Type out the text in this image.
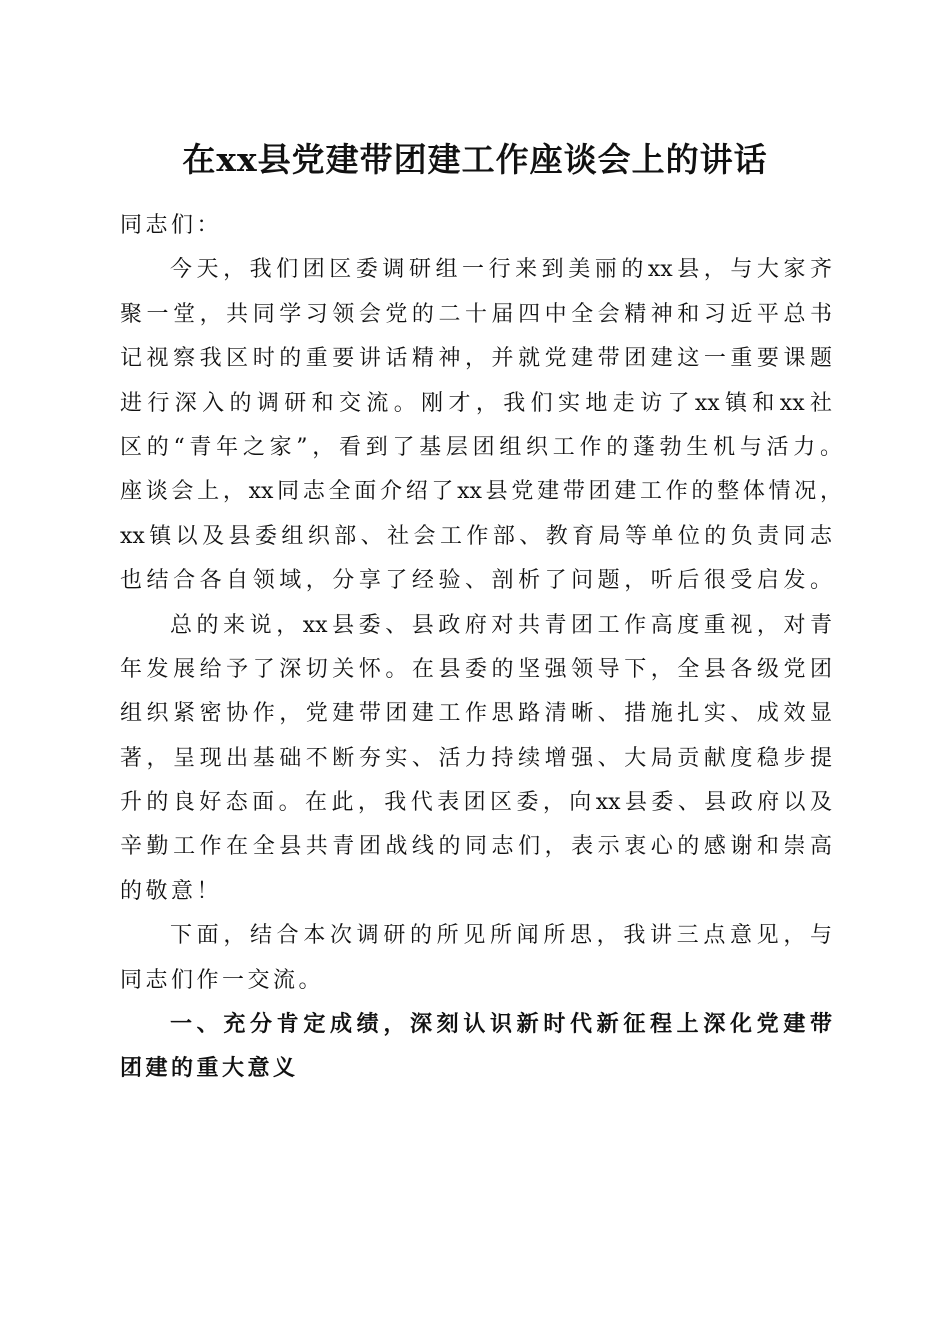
在xx县党建带团建工作座谈会上的讲话
同志们：
今天，我们团区委调研组一行来到美丽的xx县，与大家齐
聚一堂，共同学习领会党的二十届四中全会精神和习近平总书
记视察我区时的重要讲话精神，并就党建带团建这一重要课题
进行深入的调研和交流。刚才，我们实地走访了xx镇和xx社
区的“青年之家”，看到了基层团组织工作的蓬勃生机与活力。
座谈会上，xx同志全面介绍了xx县党建带团建工作的整体情况，
xx镇以及县委组织部、社会工作部、教育局等单位的负责同志
也结合各自领域，分享了经验、剖析了问题，听后很受启发。
总的来说，xx县委、县政府对共青团工作高度重视，对青
年发展给予了深切关怀。在县委的坚强领导下，全县各级党团
组织紧密协作，党建带团建工作思路清晰、措施扎实、成效显
著，呈现出基础不断夯实、活力持续增强、大局贡献度稳步提
升的良好态面。在此，我代表团区委，向xx县委、县政府以及
辛勤工作在全县共青团战线的同志们，表示衷心的感谢和崇高
的敬意！
下面，结合本次调研的所见所闻所思，我讲三点意见，与
同志们作一交流。
一、充分肯定成绩，深刻认识新时代新征程上深化党建带
团建的重大意义
